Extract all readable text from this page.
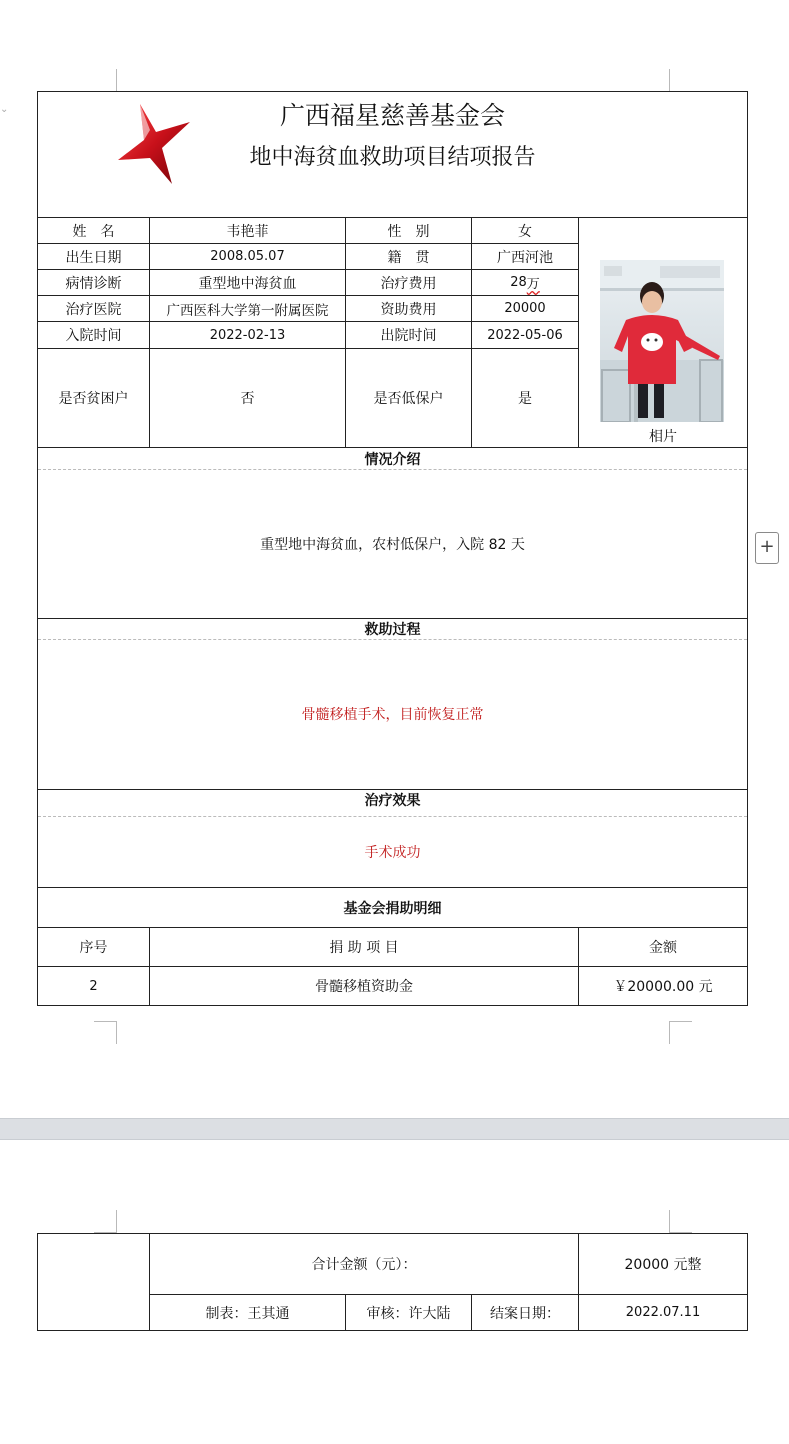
⌄
+
广西福星慈善基金会
地中海贫血救助项目结项报告
姓　名	韦艳菲	性　别	女
出生日期	2008.05.07	籍　贯	广西河池
病情诊断	重型地中海贫血	治疗费用	28 万
治疗医院	广西医科大学第一附属医院	资助费用	20000
入院时间	2022-02-13	出院时间	2022-05-06
是否贫困户	否	是否低保户	是
相片
情况介绍
重型地中海贫血，农村低保户，入院 82 天
救助过程
骨髓移植手术，目前恢复正常
治疗效果
手术成功
基金会捐助明细
序号	捐 助 项 目	金额
2	骨髓移植资助金	￥20000.00 元
合计金额（元）：	20000 元整
制表：王其通	审核：许大陆	结案日期：	2022.07.11
